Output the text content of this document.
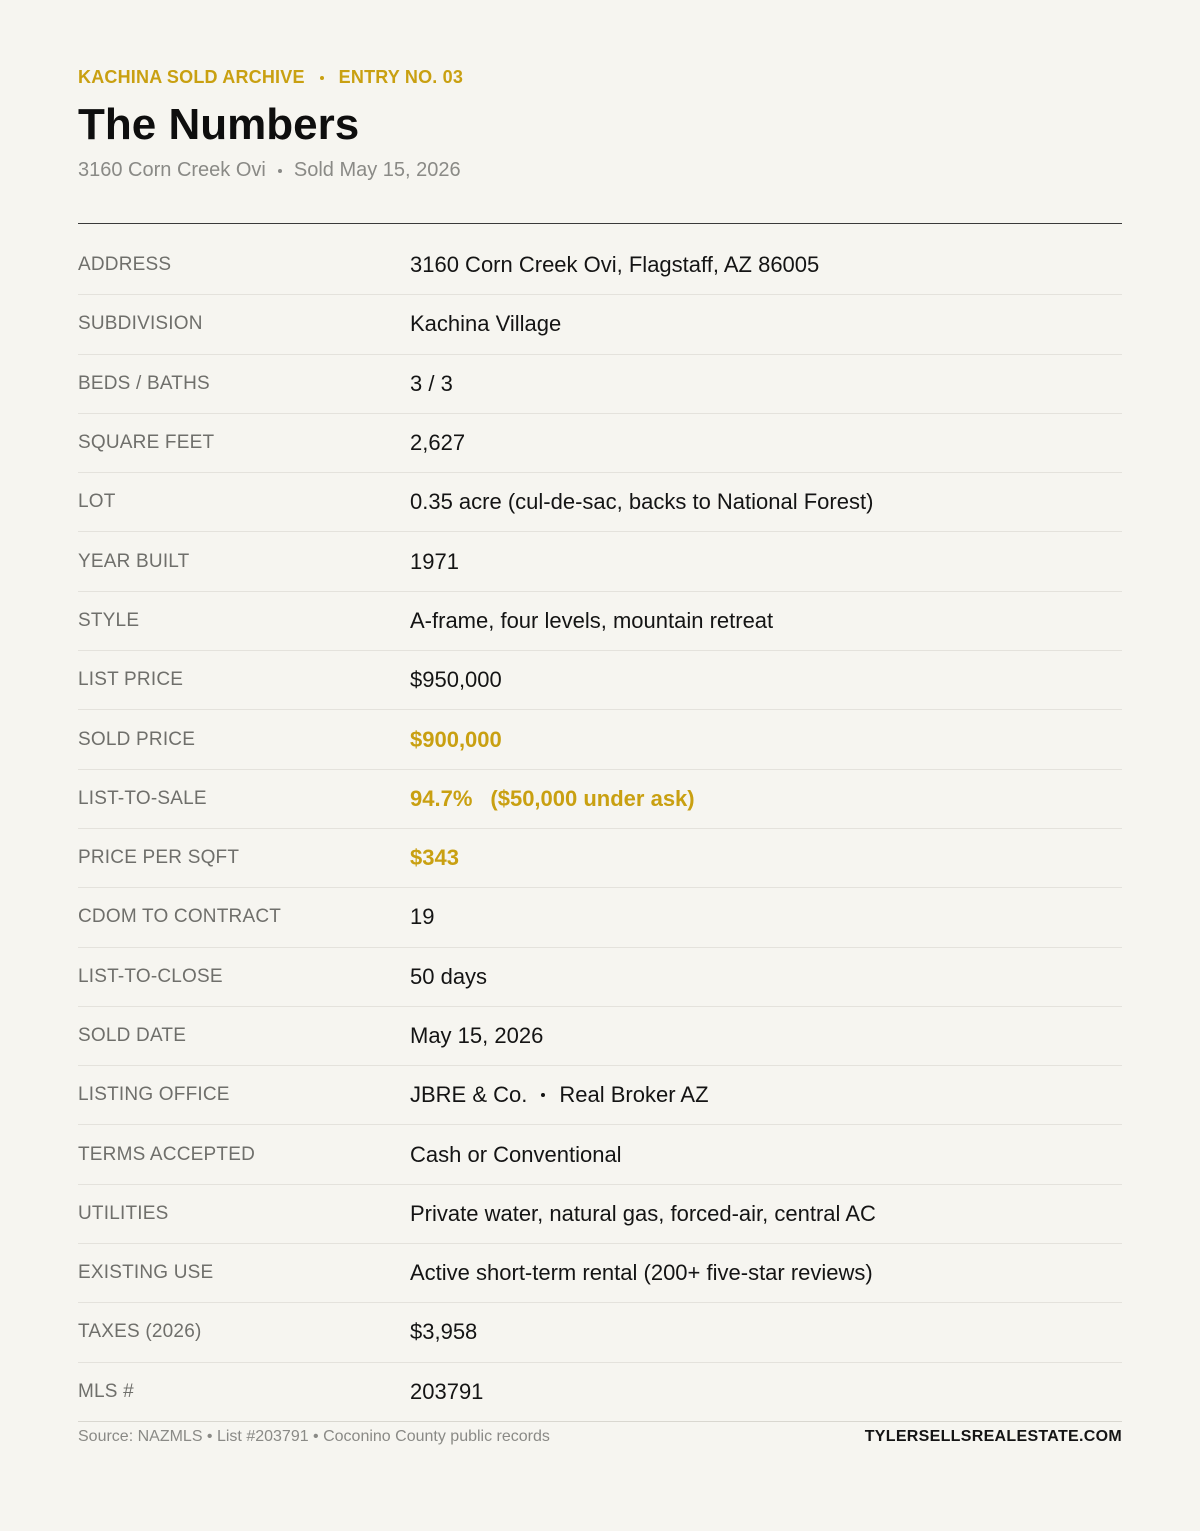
KACHINA SOLD ARCHIVE ENTRY NO. 03
The Numbers
3160 Corn Creek Ovi Sold May 15, 2026
ADDRESS	3160 Corn Creek Ovi, Flagstaff, AZ 86005
SUBDIVISION	Kachina Village
BEDS / BATHS	3 / 3
SQUARE FEET	2,627
LOT	0.35 acre (cul-de-sac, backs to National Forest)
YEAR BUILT	1971
STYLE	A-frame, four levels, mountain retreat
LIST PRICE	$950,000
SOLD PRICE	$900,000
LIST-TO-SALE	94.7% ($50,000 under ask)
PRICE PER SQFT	$343
CDOM TO CONTRACT	19
LIST-TO-CLOSE	50 days
SOLD DATE	May 15, 2026
LISTING OFFICE	JBRE & Co. Real Broker AZ
TERMS ACCEPTED	Cash or Conventional
UTILITIES	Private water, natural gas, forced-air, central AC
EXISTING USE	Active short-term rental (200+ five-star reviews)
TAXES (2026)	$3,958
MLS #	203791
Source: NAZMLS • List #203791 • Coconino County public records	TYLERSELLSREALESTATE.COM
